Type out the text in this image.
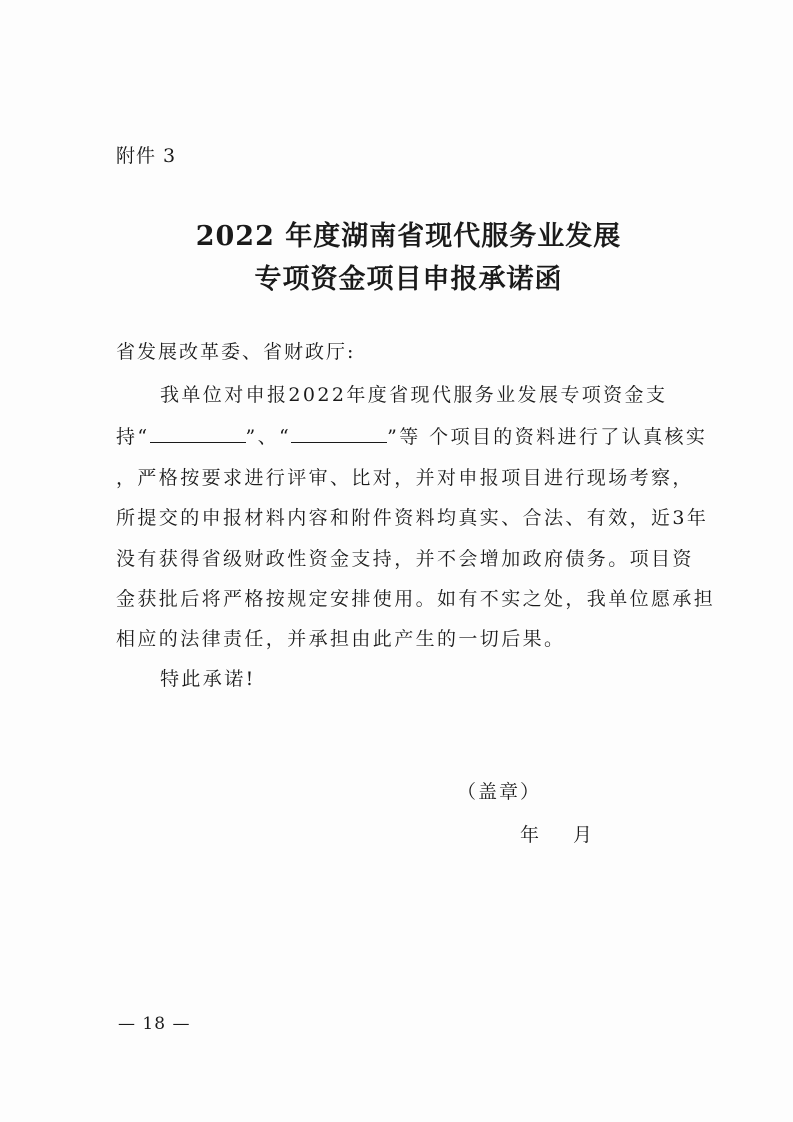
附件 3
2022 年度湖南省现代服务业发展
专项资金项目申报承诺函
省发展改革委、省财政厅:
我单位对申报2022年度省现代服务业发展专项资金支
持“	”、“	”等 个项目的资料进行了认真核实
，严格按要求进行评审、比对，并对申报项目进行现场考察，
所提交的申报材料内容和附件资料均真实、合法、有效，近3年
没有获得省级财政性资金支持，并不会增加政府债务。项目资
金获批后将严格按规定安排使用。如有不实之处，我单位愿承担
相应的法律责任，并承担由此产生的一切后果。
特此承诺!
（盖章）
年 月
— 18 —
